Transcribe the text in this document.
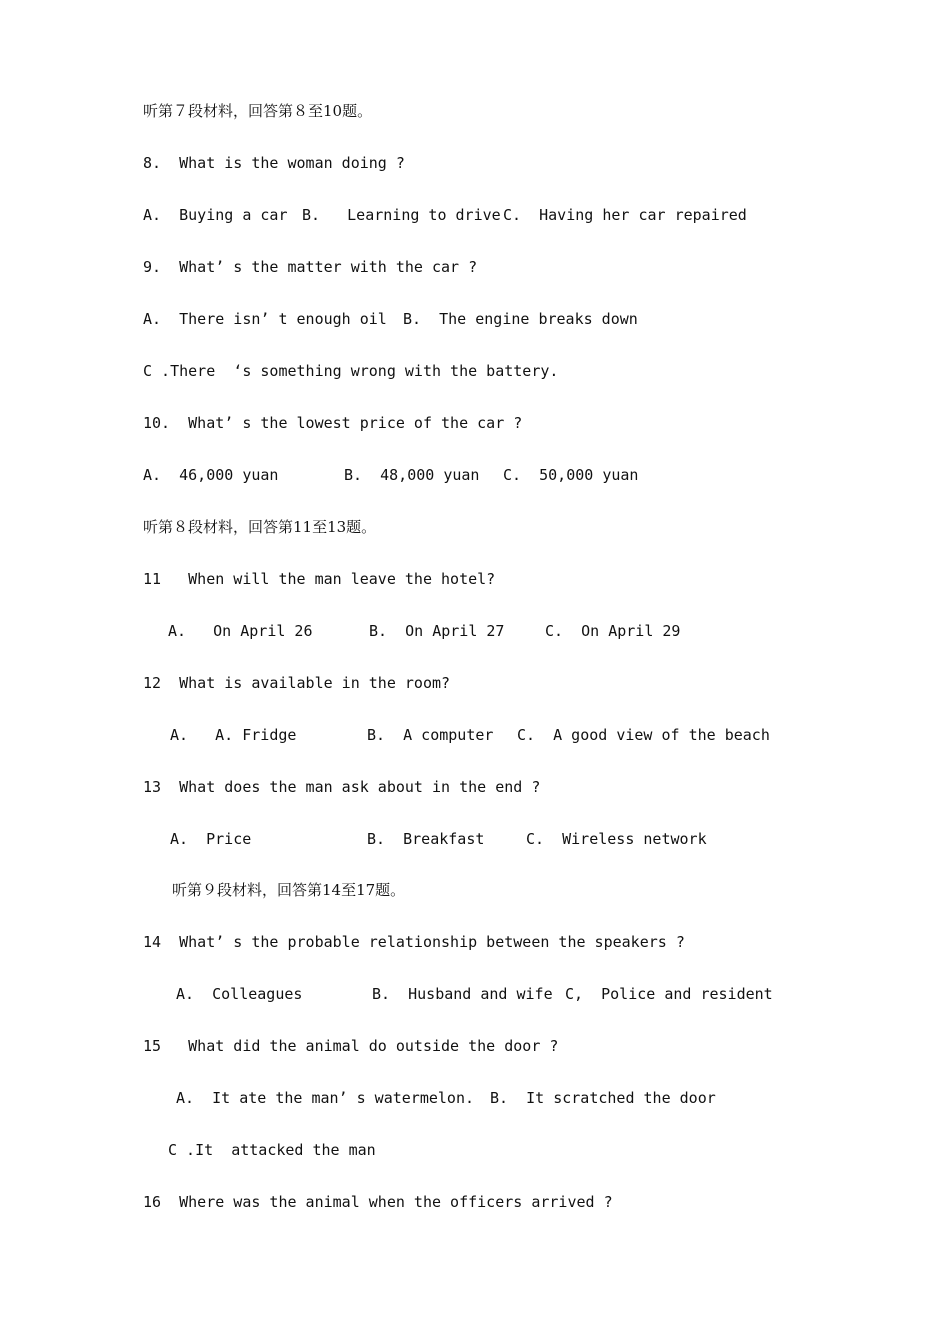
听第７段材料，回答第８至10题。

8.  What is the woman doing ?

A.  Buying a car

B.   Learning to drive

C.  Having her car repaired

9.  What’ s the matter with the car ?

A.  There isn’ t enough oil

B.  The engine breaks down

C .There  ‘s something wrong with the battery.

10.  What’ s the lowest price of the car ?

A.  46,000 yuan

	B.  48,000 yuan

C.  50,000 yuan

听第８段材料，回答第11至13题。

11   When will the man leave the hotel?

A.   On April 26

	B.  On April 27

	C.  On April 29

12  What is available in the room?

A.   A. Fridge

	B.  A computer

C.  A good view of the beach

13  What does the man ask about in the end ?

A.  Price

	B.  Breakfast

	C.  Wireless network

听第９段材料，回答第14至17题。

14  What’ s the probable relationship between the speakers ?

A.  Colleagues

	B.  Husband and wife

C,  Police and resident

15   What did the animal do outside the door ?

A.  It ate the man’ s watermelon.

B.  It scratched the door

C .It  attacked the man

16  Where was the animal when the officers arrived ?
